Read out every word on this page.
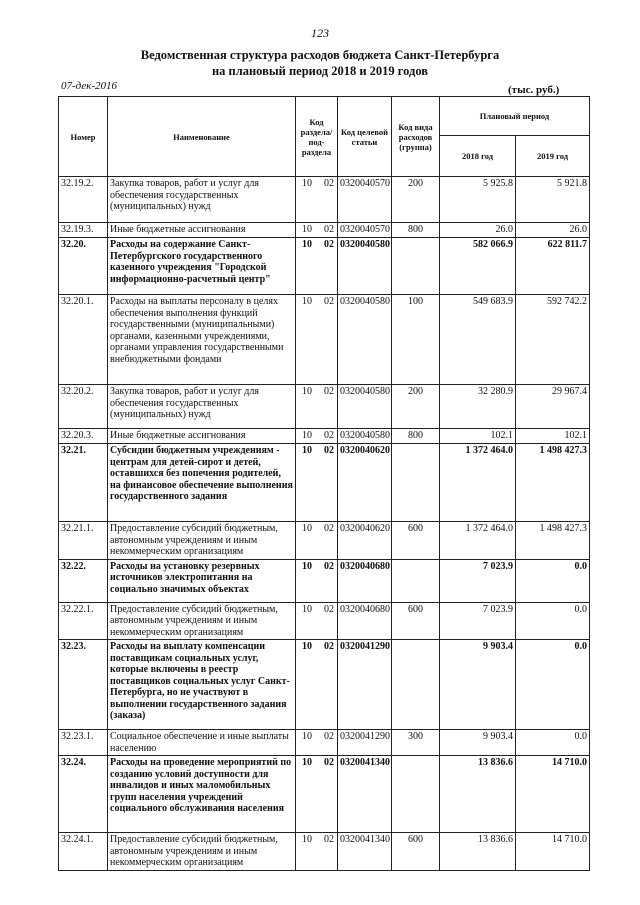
123
Ведомственная структура расходов бюджета Санкт-Петербурга
на плановый период 2018 и 2019 годов
07-дек-2016	(тыс. руб.)
Номер	Наименование	Код раздела/ под-раздела	Код целевой статьи	Код вида расходов (группа)	Плановый период	
					2018 год	2019 год
32.19.2.	Закупка товаров, работ и услуг для обеспечения государственных (муниципальных) нужд	10 02	0320040570	200	5 925.8	5 921.8
32.19.3.	Иные бюджетные ассигнования	10 02	0320040570	800	26.0	26.0
32.20.	Расходы на содержание Санкт-Петербургского государственного казенного учреждения "Городской информационно-расчетный центр"	10 02	0320040580		582 066.9	622 811.7
32.20.1.	Расходы на выплаты персоналу в целях обеспечения выполнения функций государственными (муниципальными) органами, казенными учреждениями, органами управления государственными внебюджетными фондами	10 02	0320040580	100	549 683.9	592 742.2
32.20.2.	Закупка товаров, работ и услуг для обеспечения государственных (муниципальных) нужд	10 02	0320040580	200	32 280.9	29 967.4
32.20.3.	Иные бюджетные ассигнования	10 02	0320040580	800	102.1	102.1
32.21.	Субсидии бюджетным учреждениям - центрам для детей-сирот и детей, оставшихся без попечения родителей, на финансовое обеспечение выполнения государственного задания	10 02	0320040620		1 372 464.0	1 498 427.3
32.21.1.	Предоставление субсидий бюджетным, автономным учреждениям и иным некоммерческим организациям	10 02	0320040620	600	1 372 464.0	1 498 427.3
32.22.	Расходы на установку резервных источников электропитания на социально значимых объектах	10 02	0320040680		7 023.9	0.0
32.22.1.	Предоставление субсидий бюджетным, автономным учреждениям и иным некоммерческим организациям	10 02	0320040680	600	7 023.9	0.0
32.23.	Расходы на выплату компенсации поставщикам социальных услуг, которые включены в реестр поставщиков социальных услуг Санкт-Петербурга, но не участвуют в выполнении государственного задания (заказа)	10 02	0320041290		9 903.4	0.0
32.23.1.	Социальное обеспечение и иные выплаты населению	10 02	0320041290	300	9 903.4	0.0
32.24.	Расходы на проведение мероприятий по созданию условий доступности для инвалидов и иных маломобильных групп населения учреждений социального обслуживания населения	10 02	0320041340		13 836.6	14 710.0
32.24.1.	Предоставление субсидий бюджетным, автономным учреждениям и иным некоммерческим организациям	10 02	0320041340	600	13 836.6	14 710.0
